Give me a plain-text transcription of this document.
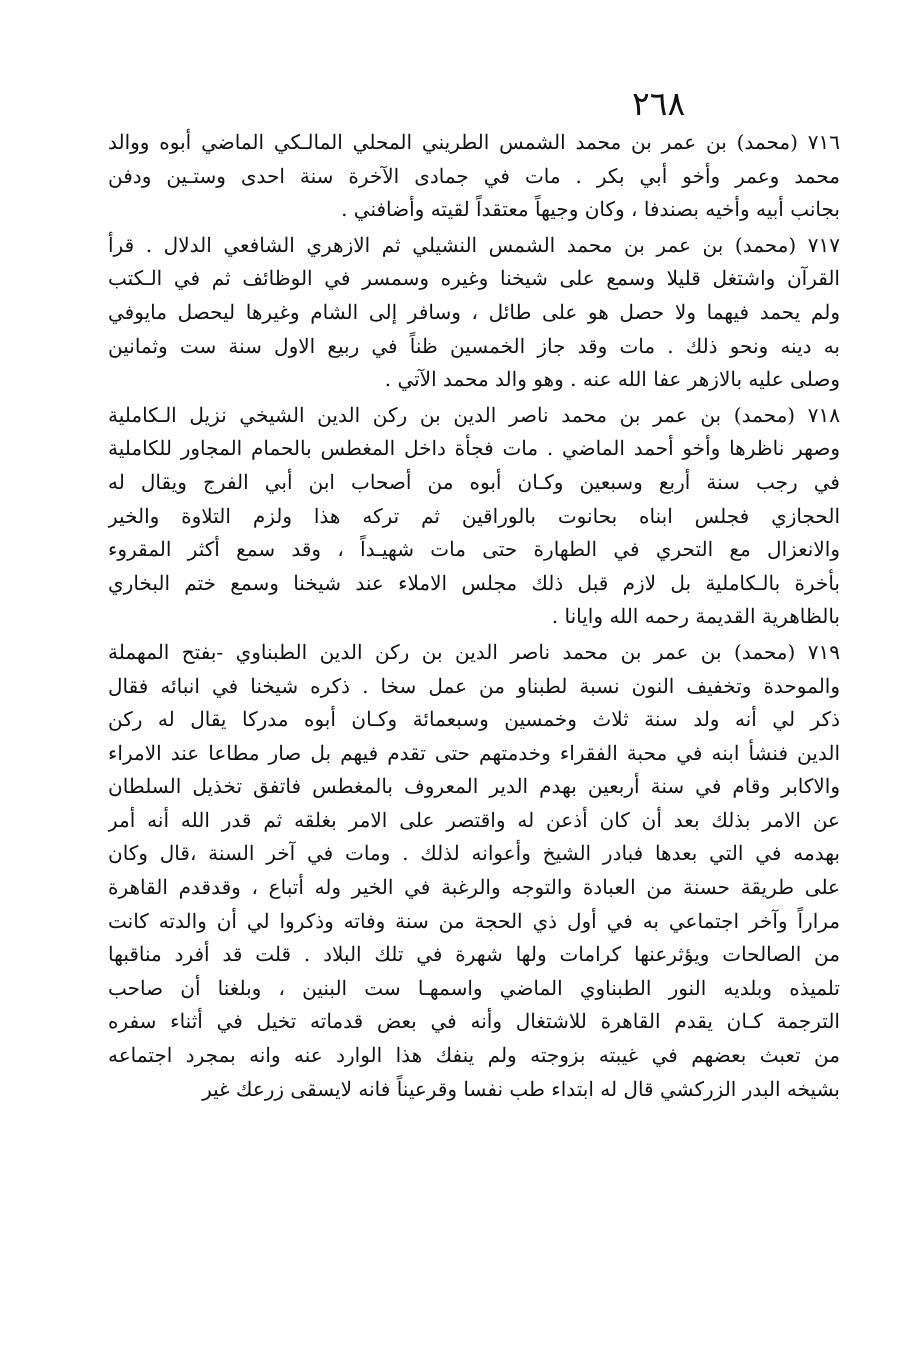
٢٦٨
٧١٦ (محمد) بن عمر بن محمد الشمس الطريني المحلي المالـكي الماضي أبوه ووالد
محمد وعمر وأخو أبي بكر . مات في جمادى الآخرة سنة احدى وستـين ودفن
بجانب أبيه وأخيه بصندفا ، وكان وجيهاً معتقداً لقيته وأضافني .
٧١٧ (محمد) بن عمر بن محمد الشمس النشيلي ثم الازهري الشافعي الدلال . قرأ
القرآن واشتغل قليلا وسمع على شيخنا وغيره وسمسر في الوظائف ثم في الـكتب
ولم يحمد فيهما ولا حصل هو على طائل ، وسافر إلى الشام وغيرها ليحصل مايوفي
به دينه ونحو ذلك . مات وقد جاز الخمسين ظناً في ربيع الاول سنة ست وثمانين
وصلى عليه بالازهر عفا الله عنه . وهو والد محمد الآتي .
٧١٨ (محمد) بن عمر بن محمد ناصر الدين بن ركن الدين الشيخي نزيل الـكاملية
وصهر ناظرها وأخو أحمد الماضي . مات فجأة داخل المغطس بالحمام المجاور للكاملية
في رجب سنة أربع وسبعين وكـان أبوه من أصحاب ابن أبي الفرج ويقال له
الحجازي فجلس ابناه بحانوت بالوراقين ثم تركه هذا ولزم التلاوة والخير
والانعزال مع التحري في الطهارة حتى مات شهيـداً ، وقد سمع أكثر المقروء
بأخرة بالـكاملية بل لازم قبل ذلك مجلس الاملاء عند شيخنا وسمع ختم البخاري
بالظاهرية القديمة رحمه الله وايانا .
٧١٩ (محمد) بن عمر بن محمد ناصر الدين بن ركن الدين الطبناوي -بفتح المهملة
والموحدة وتخفيف النون نسبة لطبناو من عمل سخا . ذكره شيخنا في انبائه فقال
ذكر لي أنه ولد سنة ثلاث وخمسين وسبعمائة وكـان أبوه مدركا يقال له ركن
الدين فنشأ ابنه في محبة الفقراء وخدمتهم حتى تقدم فيهم بل صار مطاعا عند الامراء
والاكابر وقام في سنة أربعين بهدم الدير المعروف بالمغطس فاتفق تخذيل السلطان
عن الامر بذلك بعد أن كان أذعن له واقتصر على الامر بغلقه ثم قدر الله أنه أمر
بهدمه في التي بعدها فبادر الشيخ وأعوانه لذلك . ومات في آخر السنة ،قال وكان
على طريقة حسنة من العبادة والتوجه والرغبة في الخير وله أتباع ، وقدقدم القاهرة
مراراً وآخر اجتماعي به في أول ذي الحجة من سنة وفاته وذكروا لي أن والدته كانت
من الصالحات ويؤثرعنها كرامات ولها شهرة في تلك البلاد . قلت قد أفرد مناقبها
تلميذه وبلديه النور الطبناوي الماضي واسمهـا ست البنين ، وبلغنا أن صاحب
الترجمة كـان يقدم القاهرة للاشتغال وأنه في بعض قدماته تخيل في أثناء سفره
من تعبث بعضهم في غيبته بزوجته ولم ينفك هذا الوارد عنه وانه بمجرد اجتماعه
بشيخه البدر الزركشي قال له ابتداء طب نفسا وقرعيناً فانه لايسقى زرعك غير
